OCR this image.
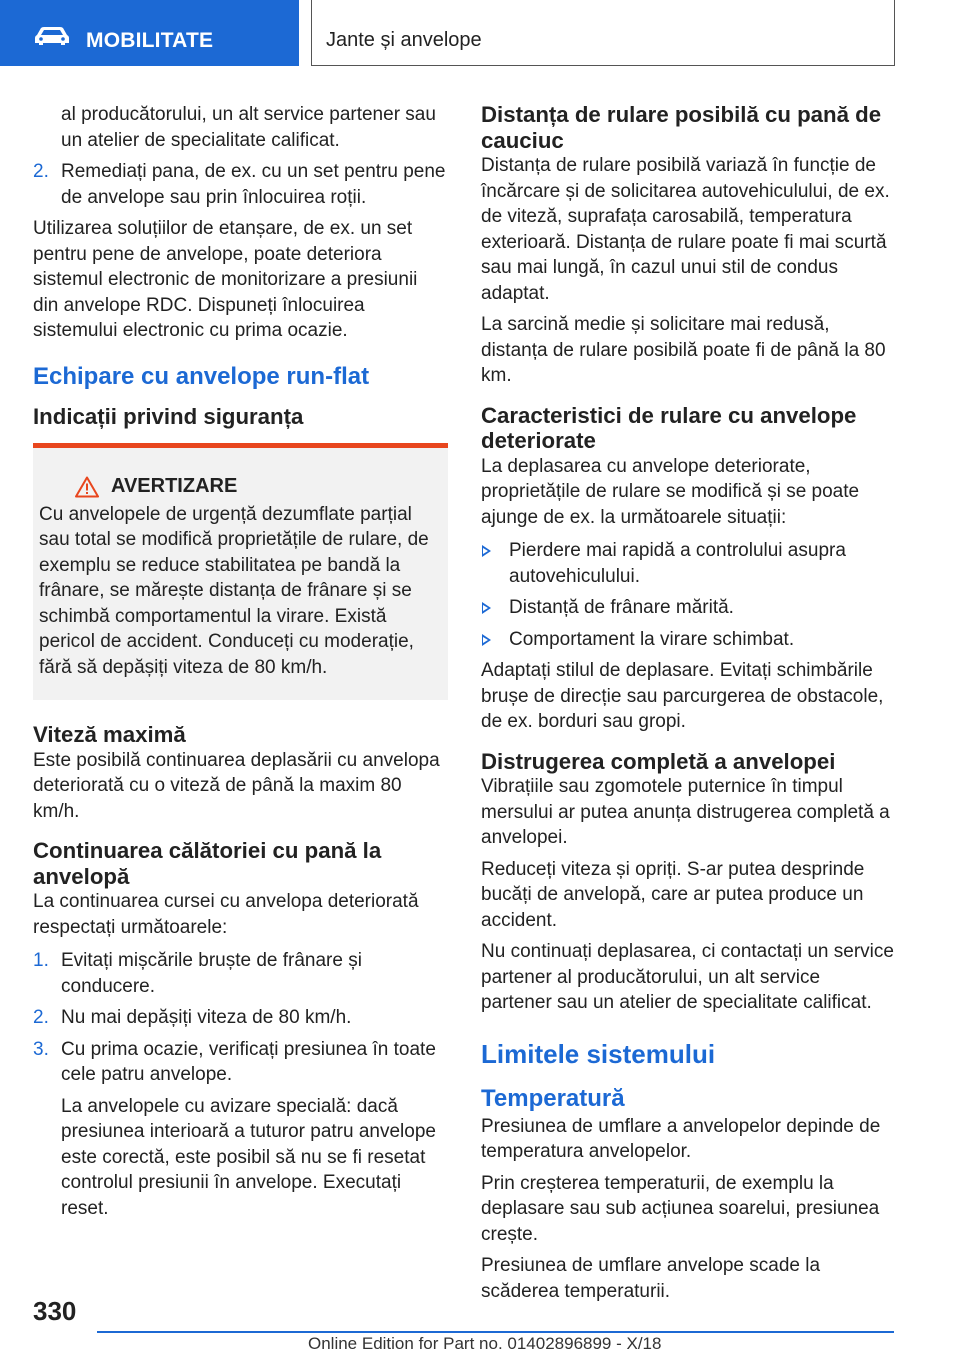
MOBILITATE	Jante și anvelope

al producătorului, un alt service partener sau
un atelier de specialitate calificat.

2. Remediați pana, de ex. cu un set pentru pene de anvelope sau prin înlocuirea roții.

Utilizarea soluțiilor de etanșare, de ex. un set pentru pene de anvelope, poate deteriora sistemul electronic de monitorizare a presiunii din anvelope RDC. Dispuneți înlocuirea sistemului electronic cu prima ocazie.

Echipare cu anvelope run-flat
Indicații privind siguranța
AVERTIZARE
Cu anvelopele de urgență dezumflate parțial sau total se modifică proprietățile de rulare, de exemplu se reduce stabilitatea pe bandă la frânare, se mărește distanța de frânare și se schimbă comportamentul la virare. Există pericol de accident. Conduceți cu moderație, fără să depășiți viteza de 80 km/h.
Viteză maximă

Este posibilă continuarea deplasării cu anvelopa deteriorată cu o viteză de până la maxim 80 km/h.

Continuarea călătoriei cu pană la anvelopă

La continuarea cursei cu anvelopa deteriorată respectați următoarele:

1. Evitați mișcările bruște de frânare și conducere.
2. Nu mai depășiți viteza de 80 km/h.
3. Cu prima ocazie, verificați presiunea în toate cele patru anvelope.

La anvelopele cu avizare specială: dacă presiunea interioară a tuturor patru anvelope este corectă, este posibil să nu se fi resetat controlul presiunii în anvelope. Executați reset.

Distanța de rulare posibilă cu pană de cauciuc

Distanța de rulare posibilă variază în funcție de încărcare și de solicitarea autovehiculului, de ex. de viteză, suprafața carosabilă, temperatura exterioară. Distanța de rulare poate fi mai scurtă sau mai lungă, în cazul unui stil de condus adaptat.

La sarcină medie și solicitare mai redusă, distanța de rulare posibilă poate fi de până la 80 km.

Caracteristici de rulare cu anvelope deteriorate

La deplasarea cu anvelope deteriorate, proprietățile de rulare se modifică și se poate ajunge de ex. la următoarele situații:

Pierdere mai rapidă a controlului asupra autovehiculului.
Distanță de frânare mărită.
Comportament la virare schimbat.

Adaptați stilul de deplasare. Evitați schimbările brușe de direcție sau parcurgerea de obstacole, de ex. borduri sau gropi.

Distrugerea completă a anvelopei

Vibrațiile sau zgomotele puternice în timpul mersului ar putea anunța distrugerea completă a anvelopei.

Reduceți viteza și opriți. S-ar putea desprinde bucăți de anvelopă, care ar putea produce un accident.

Nu continuați deplasarea, ci contactați un service partener al producătorului, un alt service partener sau un atelier de specialitate calificat.

Limitele sistemului
Temperatură

Presiunea de umflare a anvelopelor depinde de temperatura anvelopelor.

Prin creșterea temperaturii, de exemplu la deplasare sau sub acțiunea soarelui, presiunea crește.

Presiunea de umflare anvelope scade la scăderea temperaturii.

330
Online Edition for Part no. 01402896899 - X/18
